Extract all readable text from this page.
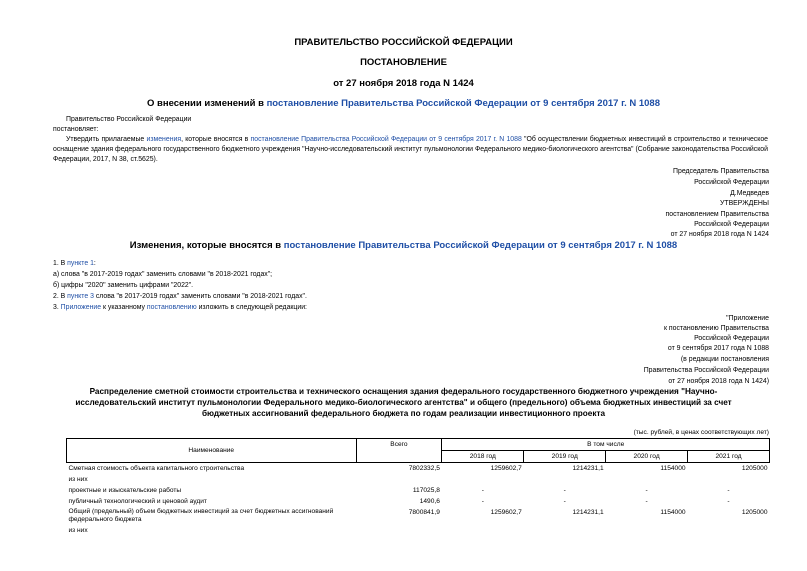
ПРАВИТЕЛЬСТВО РОССИЙСКОЙ ФЕДЕРАЦИИ
ПОСТАНОВЛЕНИЕ
от 27 ноября 2018 года N 1424
О внесении изменений в постановление Правительства Российской Федерации от 9 сентября 2017 г. N 1088
Правительство Российской Федерации
постановляет:
Утвердить прилагаемые изменения, которые вносятся в постановление Правительства Российской Федерации от 9 сентября 2017 г. N 1088 "Об осуществлении бюджетных инвестиций в строительство и техническое оснащение здания федерального государственного бюджетного учреждения "Научно-исследовательский институт пульмонологии Федерального медико-биологического агентства" (Собрание законодательства Российской Федерации, 2017, N 38, ст.5625).
Председатель Правительства
Российской Федерации
Д.Медведев
УТВЕРЖДЕНЫ
постановлением Правительства
Российской Федерации
от 27 ноября 2018 года N 1424
Изменения, которые вносятся в постановление Правительства Российской Федерации от 9 сентября 2017 г. N 1088
1. В пункте 1:
а) слова "в 2017-2019 годах" заменить словами "в 2018-2021 годах";
б) цифры "2020" заменить цифрами "2022".
2. В пункте 3 слова "в 2017-2019 годах" заменить словами "в 2018-2021 годах".
3. Приложение к указанному постановлению изложить в следующей редакции:
"Приложение
к постановлению Правительства
Российской Федерации
от 9 сентября 2017 года N 1088
(в редакции постановления
Правительства Российской Федерации
от 27 ноября 2018 года N 1424)
Распределение сметной стоимости строительства и технического оснащения здания федерального государственного бюджетного учреждения "Научно-
исследовательский институт пульмонологии Федерального медико-биологического агентства" и общего (предельного) объема бюджетных инвестиций за счет
бюджетных ассигнований федерального бюджета по годам реализации инвестиционного проекта
(тыс. рублей, в ценах соответствующих лет)
Наименование	Всего	В том числе			
		2018 год	2019 год	2020 год	2021 год
Сметная стоимость объекта капитального строительства	7802332,5	1259602,7	1214231,1	1154000	1205000
из них					
проектные и изыскательские работы	117025,8	-	-	-	-
публичный технологический и ценовой аудит	1490,6	-	-	-	-
Общий (предельный) объем бюджетных инвестиций за счет бюджетных ассигнований федерального бюджета	7800841,9	1259602,7	1214231,1	1154000	1205000
из них					
